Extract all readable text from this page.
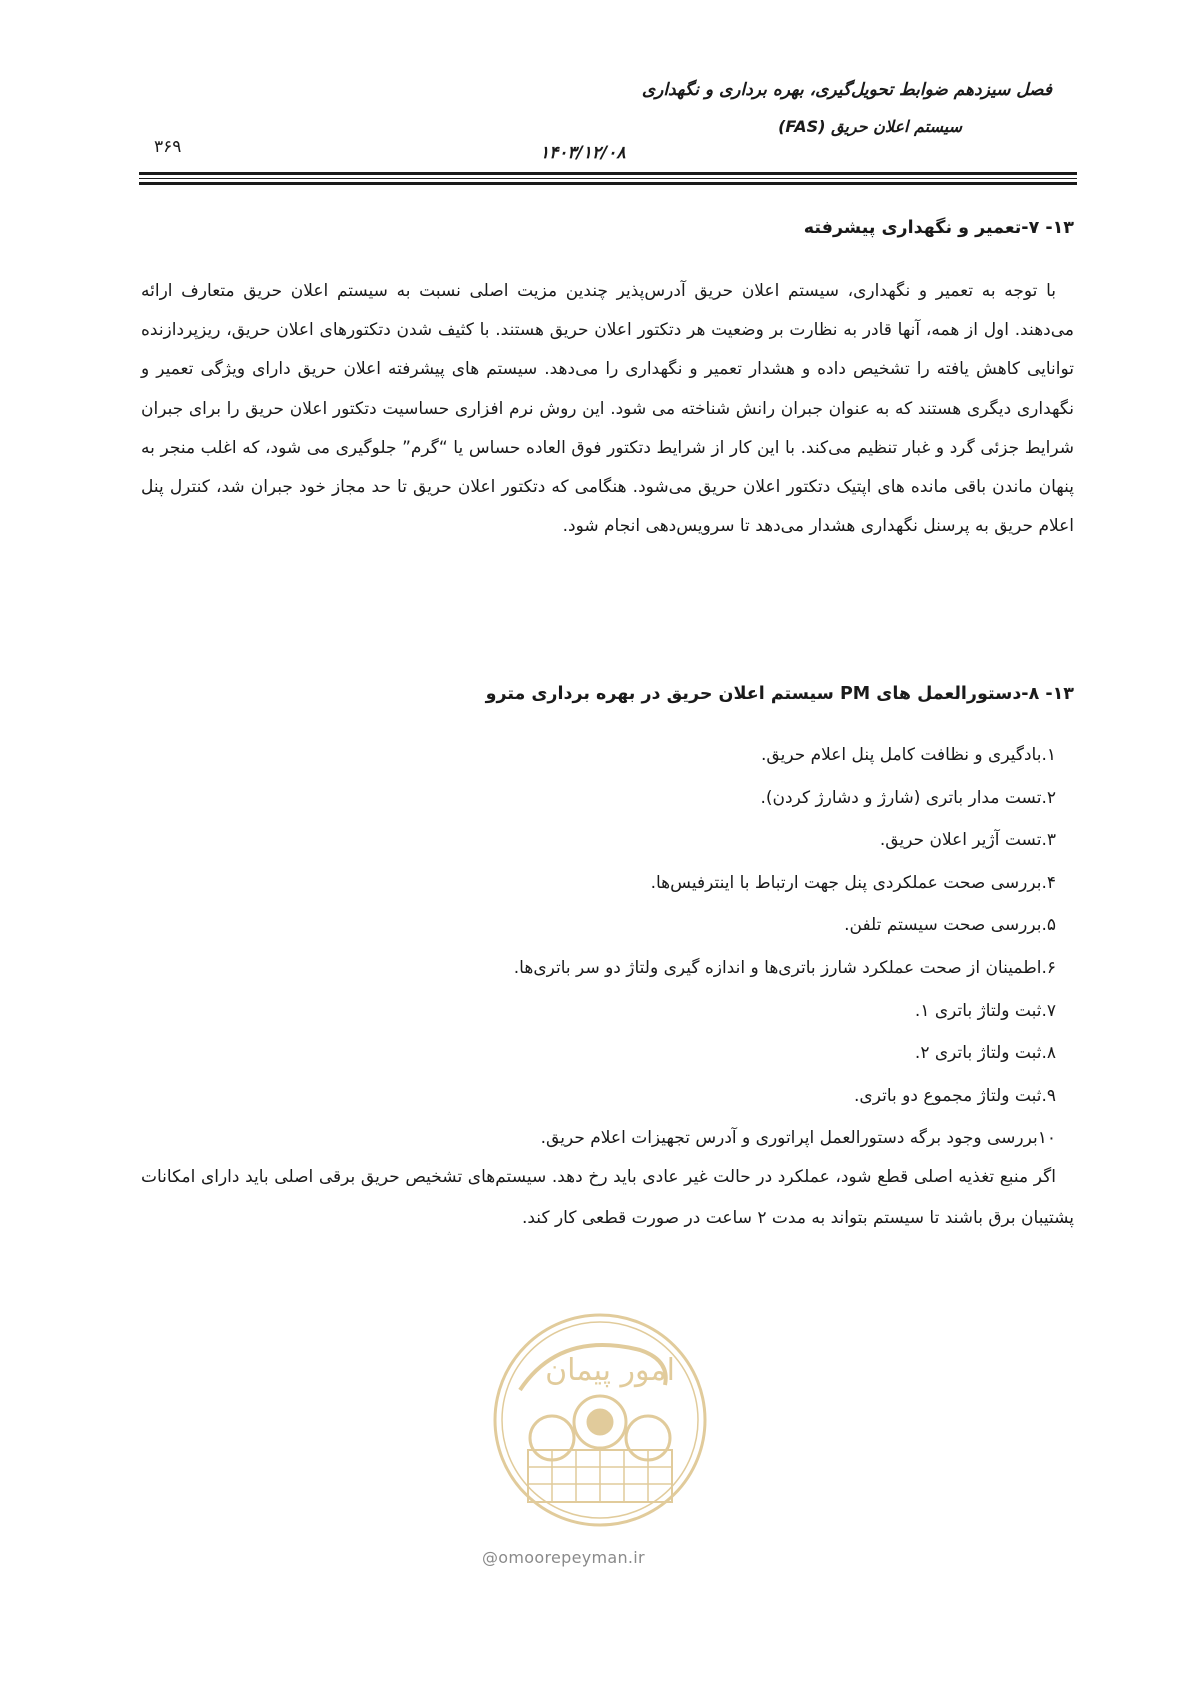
فصل سیزدهم ضوابط تحویل‌گیری، بهره برداری و نگهداری
سیستم اعلان حریق (FAS)
۱۴۰۳/۱۲/۰۸
۳۶۹
۱۳- ۷-تعمیر و نگهداری پیشرفته
با توجه به تعمیر و نگهداری، سیستم اعلان حریق آدرس‌پذیر چندین مزیت اصلی نسبت به سیستم اعلان حریق متعارف ارائه می‌دهند. اول از همه، آنها قادر به نظارت بر وضعیت هر دتکتور اعلان حریق هستند. با کثیف شدن دتکتورهای اعلان حریق، ریزپردازنده توانایی کاهش یافته را تشخیص داده و هشدار تعمیر و نگهداری را می‌دهد. سیستم های پیشرفته اعلان حریق دارای ویژگی تعمیر و نگهداری دیگری هستند که به عنوان جبران رانش شناخته می شود. این روش نرم افزاری حساسیت دتکتور اعلان حریق را برای جبران شرایط جزئی گرد و غبار تنظیم می‌کند. با این کار از شرایط دتکتور فوق العاده حساس یا “گرم” جلوگیری می شود، که اغلب منجر به پنهان ماندن باقی مانده های اپتیک دتکتور اعلان حریق می‌شود. هنگامی که دتکتور اعلان حریق تا حد مجاز خود جبران شد، کنترل پنل اعلام حریق به پرسنل نگهداری هشدار می‌دهد تا سرویس‌دهی انجام شود.
۱۳- ۸-دستورالعمل های PM سیستم اعلان حریق در بهره برداری مترو
۱.بادگیری و نظافت کامل پنل اعلام حریق.
۲.تست مدار باتری (شارژ و دشارژ کردن).
۳.تست آژیر اعلان حریق.
۴.بررسی صحت عملکردی پنل جهت ارتباط با اینترفیس‌ها.
۵.بررسی صحت سیستم تلفن.
۶.اطمینان از صحت عملکرد شارز باتری‌ها و اندازه گیری ولتاژ دو سر باتری‌ها.
۷.ثبت ولتاژ باتری ۱.
۸.ثبت ولتاژ باتری ۲.
۹.ثبت ولتاژ مجموع دو باتری.
۱۰بررسی وجود برگه دستورالعمل اپراتوری و آدرس تجهیزات اعلام حریق.
اگر منبع تغذیه اصلی قطع شود، عملکرد در حالت غیر عادی باید رخ دهد. سیستم‌های تشخیص حریق برقی اصلی باید دارای امکانات پشتیبان برق باشند تا سیستم بتواند به مدت ۲ ساعت در صورت قطعی کار کند.
امور پیمان
@omoorepeyman.ir
